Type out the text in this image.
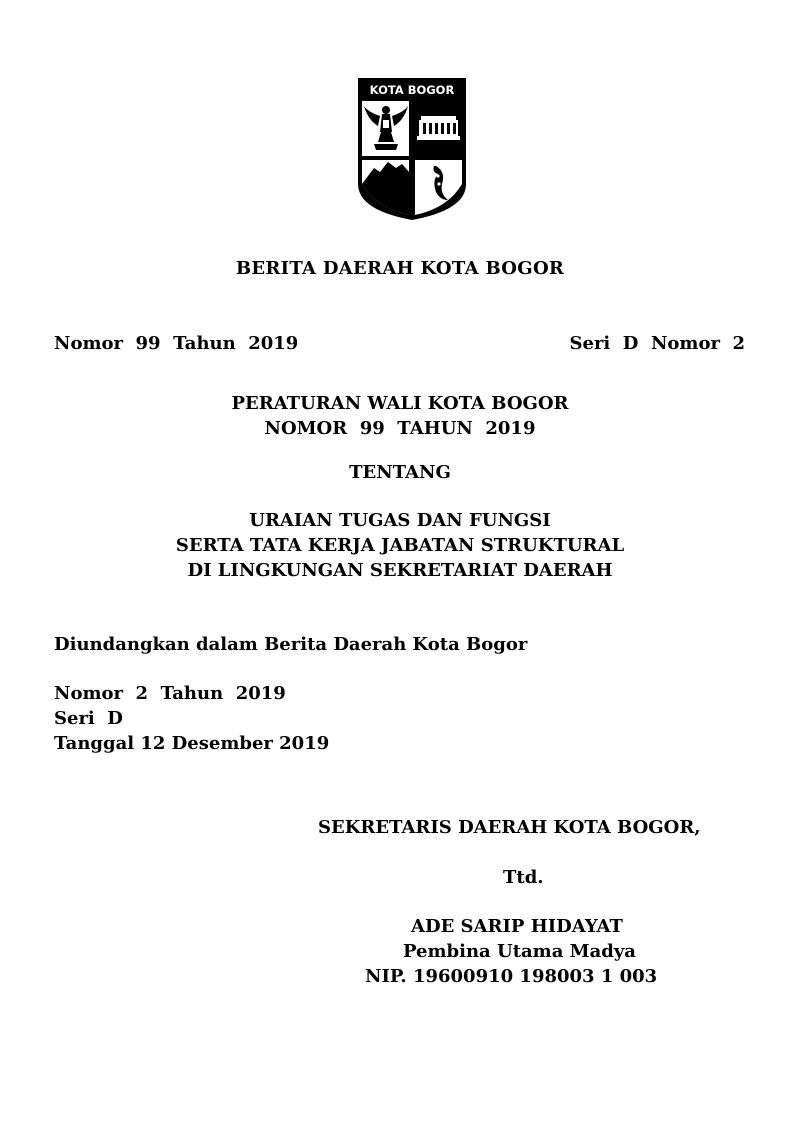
KOTA BOGOR
BERITA DAERAH KOTA BOGOR
Nomor  99  Tahun  2019	Seri  D  Nomor  2
PERATURAN WALI KOTA BOGOR
NOMOR  99  TAHUN  2019
TENTANG
URAIAN TUGAS DAN FUNGSI
SERTA TATA KERJA JABATAN STRUKTURAL
DI LINGKUNGAN SEKRETARIAT DAERAH
Diundangkan dalam Berita Daerah Kota Bogor
Nomor  2  Tahun  2019
Seri  D
Tanggal 12 Desember 2019
SEKRETARIS DAERAH KOTA BOGOR,
Ttd.
ADE SARIP HIDAYAT
Pembina Utama Madya
NIP. 19600910 198003 1 003
